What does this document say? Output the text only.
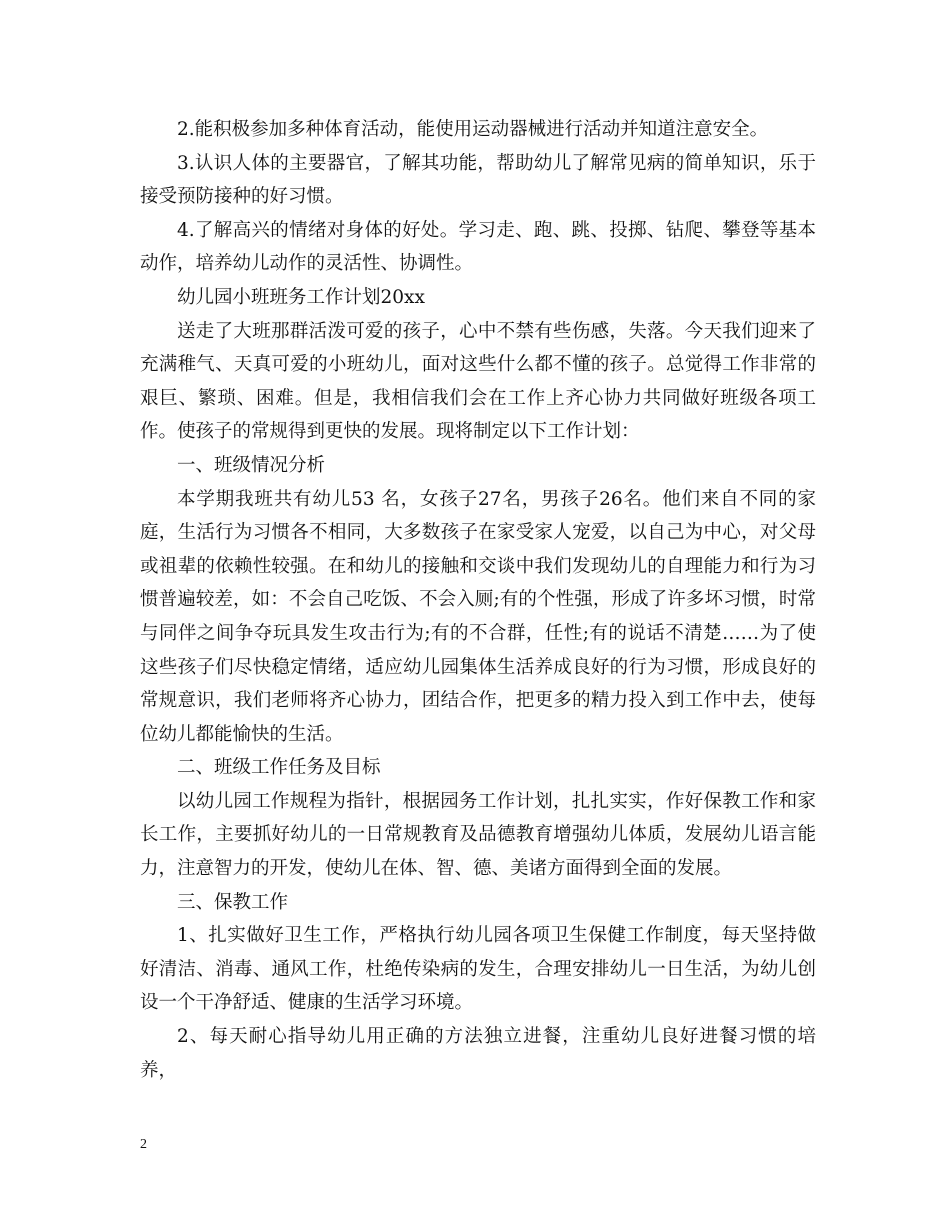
2.能积极参加多种体育活动，能使用运动器械进行活动并知道注意安全。

3.认识人体的主要器官，了解其功能，帮助幼儿了解常见病的简单知识，乐于接受预防接种的好习惯。

4.了解高兴的情绪对身体的好处。学习走、跑、跳、投掷、钻爬、攀登等基本动作，培养幼儿动作的灵活性、协调性。

幼儿园小班班务工作计划20xx

送走了大班那群活泼可爱的孩子，心中不禁有些伤感，失落。今天我们迎来了充满稚气、天真可爱的小班幼儿，面对这些什么都不懂的孩子。总觉得工作非常的艰巨、繁琐、困难。但是，我相信我们会在工作上齐心协力共同做好班级各项工作。使孩子的常规得到更快的发展。现将制定以下工作计划：

一、班级情况分析

本学期我班共有幼儿53 名，女孩子27名，男孩子26名。他们来自不同的家庭，生活行为习惯各不相同，大多数孩子在家受家人宠爱，以自己为中心，对父母或祖辈的依赖性较强。在和幼儿的接触和交谈中我们发现幼儿的自理能力和行为习惯普遍较差，如：不会自己吃饭、不会入厕;有的个性强，形成了许多坏习惯，时常与同伴之间争夺玩具发生攻击行为;有的不合群，任性;有的说话不清楚……为了使这些孩子们尽快稳定情绪，适应幼儿园集体生活养成良好的行为习惯，形成良好的常规意识，我们老师将齐心协力，团结合作，把更多的精力投入到工作中去，使每位幼儿都能愉快的生活。

二、班级工作任务及目标

以幼儿园工作规程为指针，根据园务工作计划，扎扎实实，作好保教工作和家长工作，主要抓好幼儿的一日常规教育及品德教育增强幼儿体质，发展幼儿语言能力，注意智力的开发，使幼儿在体、智、德、美诸方面得到全面的发展。

三、保教工作

1、扎实做好卫生工作，严格执行幼儿园各项卫生保健工作制度，每天坚持做好清洁、消毒、通风工作，杜绝传染病的发生，合理安排幼儿一日生活，为幼儿创设一个干净舒适、健康的生活学习环境。

2、每天耐心指导幼儿用正确的方法独立进餐，注重幼儿良好进餐习惯的培养，

2
